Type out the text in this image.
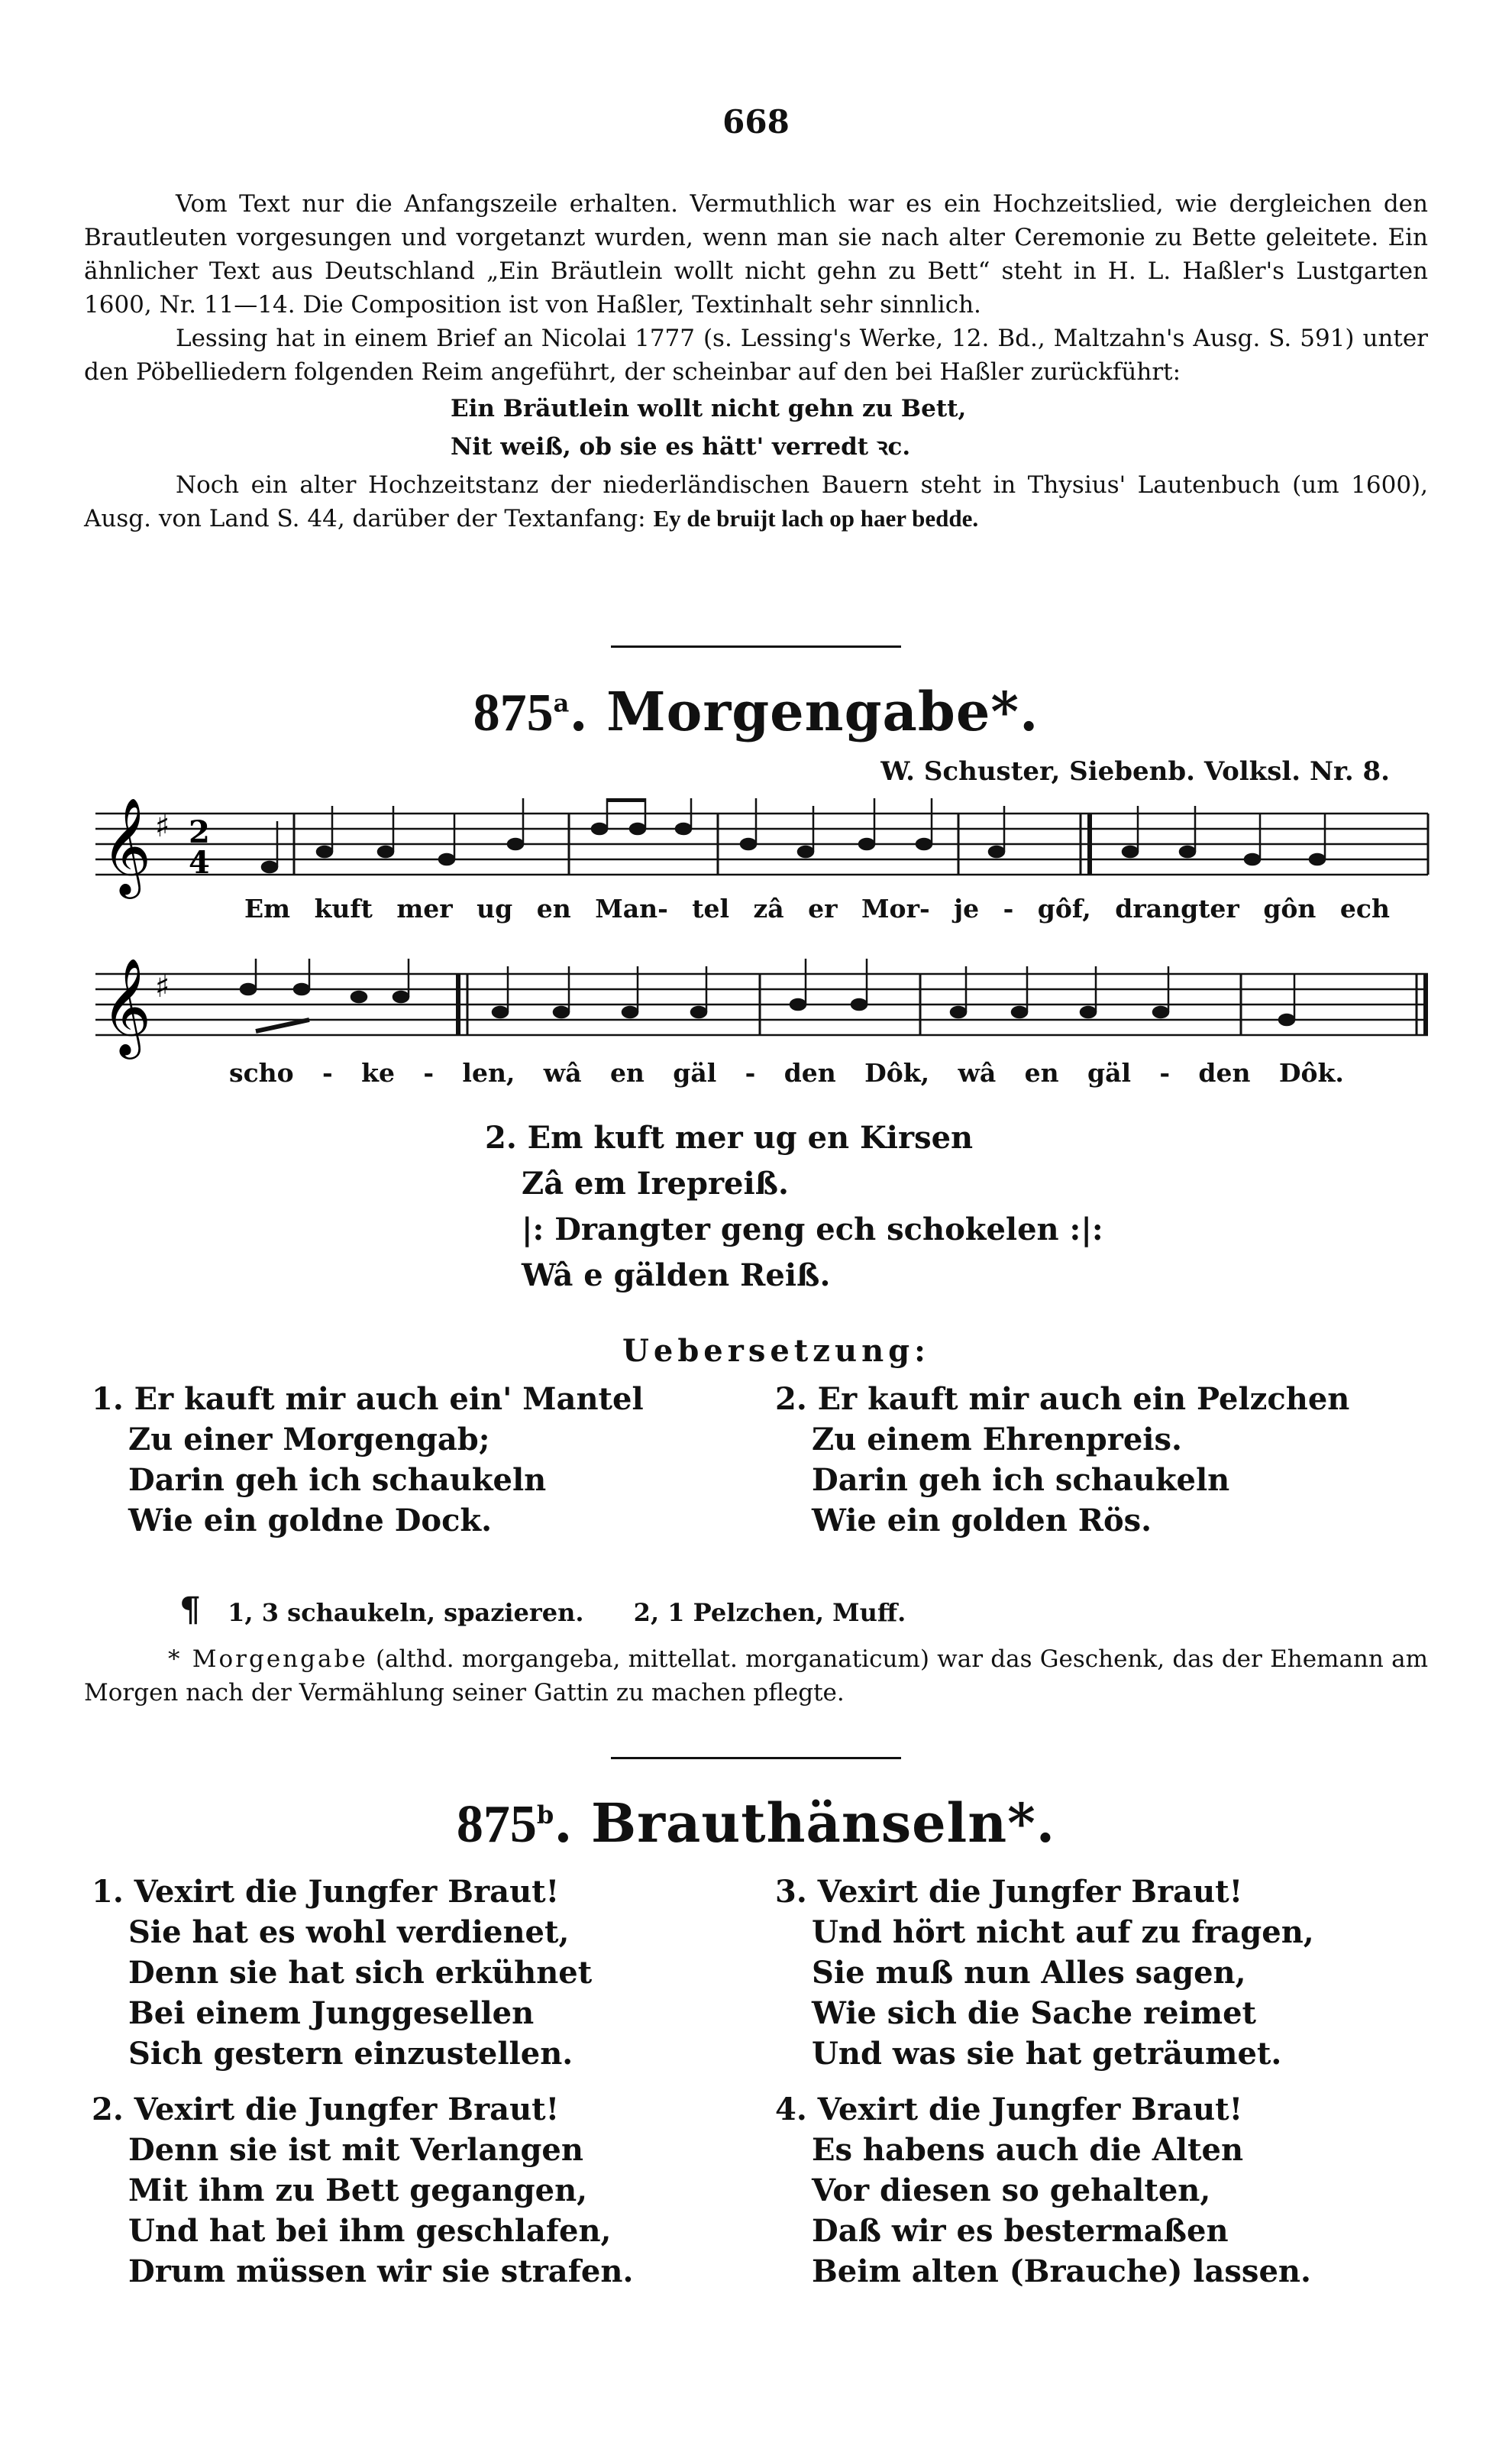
668

Vom Text nur die Anfangszeile erhalten. Vermuthlich war es ein Hochzeitslied, wie dergleichen den Brautleuten vorgesungen und vorgetanzt wurden, wenn man sie nach alter Ceremonie zu Bette geleitete. Ein ähnlicher Text aus Deutschland „Ein Bräutlein wollt nicht gehn zu Bett“ steht in H. L. Haßler's Lustgarten 1600, Nr. 11—14. Die Composition ist von Haßler, Textinhalt sehr sinnlich.

Lessing hat in einem Brief an Nicolai 1777 (s. Lessing's Werke, 12. Bd., Maltzahn's Ausg. S. 591) unter den Pöbelliedern folgenden Reim angeführt, der scheinbar auf den bei Haßler zurückführt:

Ein Bräutlein wollt nicht gehn zu Bett,

Nit weiß, ob sie es hätt' verredt ꝛc.

Noch ein alter Hochzeitstanz der niederländischen Bauern steht in Thysius' Lautenbuch (um 1600), Ausg. von Land S. 44, darüber der Textanfang: Ey de bruijt lach op haer bedde.

875$^a$. Morgengabe*.
W. Schuster, Siebenb. Volksl. Nr. 8.
𝄞 ♯ 2
4
Em kuft mer ug en Man- tel zâ er Mor- je - gôf, drangter gôn ech
𝄞 ♯
scho - ke - len, wâ en gäl - den Dôk, wâ en gäl - den Dôk.
2. Em kuft mer ug en Kirsen
Zâ em Irepreiß.
|: Drangter geng ech schokelen :|:
Wâ e gälden Reiß.
Uebersetzung:
1. Er kauft mir auch ein' Mantel
Zu einer Morgengab;
Darin geh ich schaukeln
Wie ein goldne Dock.
2. Er kauft mir auch ein Pelzchen
Zu einem Ehrenpreis.
Darin geh ich schaukeln
Wie ein golden Rös.
¶ 1, 3 schaukeln, spazieren. 2, 1 Pelzchen, Muff.

* Morgengabe (althd. morgangeba, mittellat. morganaticum) war das Geschenk, das der Ehemann am Morgen nach der Vermählung seiner Gattin zu machen pflegte.

875$^b$. Brauthänseln*.
1. Vexirt die Jungfer Braut!
Sie hat es wohl verdienet,
Denn sie hat sich erkühnet
Bei einem Junggesellen
Sich gestern einzustellen.
2. Vexirt die Jungfer Braut!
Denn sie ist mit Verlangen
Mit ihm zu Bett gegangen,
Und hat bei ihm geschlafen,
Drum müssen wir sie strafen.
3. Vexirt die Jungfer Braut!
Und hört nicht auf zu fragen,
Sie muß nun Alles sagen,
Wie sich die Sache reimet
Und was sie hat geträumet.
4. Vexirt die Jungfer Braut!
Es habens auch die Alten
Vor diesen so gehalten,
Daß wir es bestermaßen
Beim alten (Brauche) lassen.
